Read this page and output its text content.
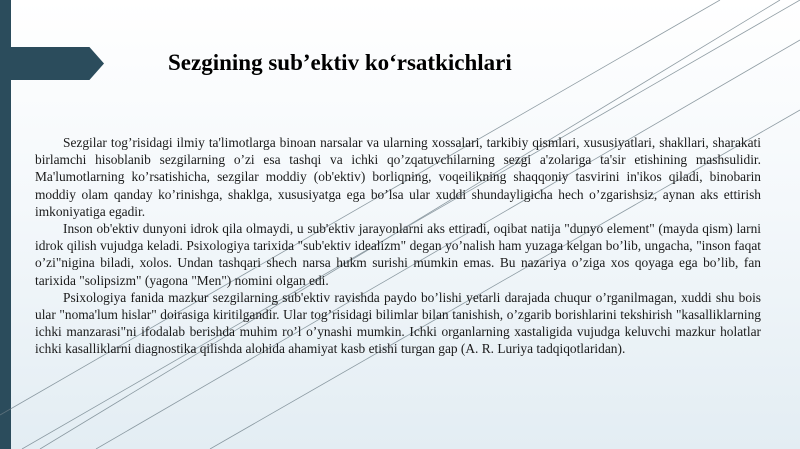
Sezgining sub’ektiv ko‘rsatkichlari

Sezgilar tog’risidagi ilmiy ta'limotlarga binoan narsalar va ularning xossalari, tarkibiy qismlari, xususiyatlari, shakllari, sharakati birlamchi hisoblanib sezgilarning o’zi esa tashqi va ichki qo’zqatuvchilarning sezgi a'zolariga ta'sir etishining mashsulidir. Ma'lumotlarning ko’rsatishicha, sezgilar moddiy (ob'ektiv) borliqning, voqeilikning shaqqoniy tasvirini in'ikos qiladi, binobarin moddiy olam qanday ko’rinishga, shaklga, xususiyatga ega bo’lsa ular xuddi shundayligicha hech o’zgarishsiz, aynan aks ettirish imkoniyatiga egadir.

Inson ob'ektiv dunyoni idrok qila olmaydi, u sub'ektiv jarayonlarni aks ettiradi, oqibat natija "dunyo element" (mayda qism) larni idrok qilish vujudga keladi. Psixologiya tarixida "sub'ektiv idealizm" degan yo’nalish ham yuzaga kelgan bo’lib, ungacha, "inson faqat o’zi"nigina biladi, xolos. Undan tashqari shech narsa hukm surishi mumkin emas. Bu nazariya o’ziga xos qoyaga ega bo’lib, fan tarixida "solipsizm" (yagona "Men") nomini olgan edi.

Psixologiya fanida mazkur sezgilarning sub'ektiv ravishda paydo bo’lishi yetarli darajada chuqur o’rganilmagan, xuddi shu bois ular "noma'lum hislar" doirasiga kiritilgandir. Ular tog’risidagi bilimlar bilan tanishish, o’zgarib borishlarini tekshirish "kasalliklarning ichki manzarasi"ni ifodalab berishda muhim ro’l o’ynashi mumkin. Ichki organlarning xastaligida vujudga keluvchi mazkur holatlar ichki kasalliklarni diagnostika qilishda alohida ahamiyat kasb etishi turgan gap (A. R. Luriya tadqiqotlaridan).
